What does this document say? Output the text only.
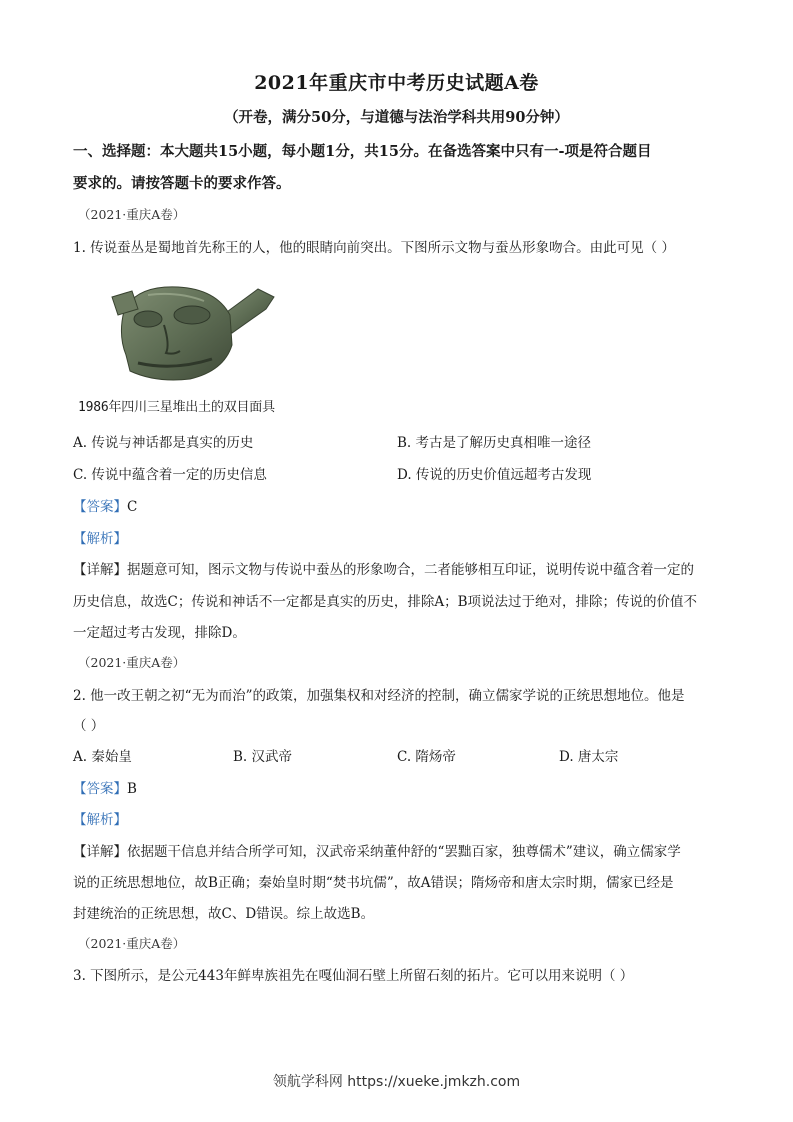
2021年重庆市中考历史试题A卷
（开卷，满分50分，与道德与法治学科共用90分钟）
一、选择题：本大题共15小题，每小题1分，共15分。在备选答案中只有一-项是符合题目
要求的。请按答题卡的要求作答。
（2021·重庆A卷）
1. 传说蚕丛是蜀地首先称王的人，他的眼睛向前突出。下图所示文物与蚕丛形象吻合。由此可见（ ）
1986年四川三星堆出土的双目面具
A. 传说与神话都是真实的历史	B. 考古是了解历史真相唯一途径
C. 传说中蕴含着一定的历史信息	D. 传说的历史价值远超考古发现
【答案】C
【解析】
【详解】据题意可知，图示文物与传说中蚕丛的形象吻合，二者能够相互印证，说明传说中蕴含着一定的
历史信息，故选C；传说和神话不一定都是真实的历史，排除A；B项说法过于绝对，排除；传说的价值不
一定超过考古发现，排除D。
（2021·重庆A卷）
2. 他一改王朝之初“无为而治”的政策，加强集权和对经济的控制，确立儒家学说的正统思想地位。他是
（ ）
A. 秦始皇	B. 汉武帝	C. 隋炀帝	D. 唐太宗
【答案】B
【解析】
【详解】依据题干信息并结合所学可知，汉武帝采纳董仲舒的“罢黜百家，独尊儒术”建议，确立儒家学
说的正统思想地位，故B正确；秦始皇时期“焚书坑儒”，故A错误；隋炀帝和唐太宗时期，儒家已经是
封建统治的正统思想，故C、D错误。综上故选B。
（2021·重庆A卷）
3. 下图所示，是公元443年鲜卑族祖先在嘎仙洞石壁上所留石刻的拓片。它可以用来说明（ ）
领航学科网 https://xueke.jmkzh.com
